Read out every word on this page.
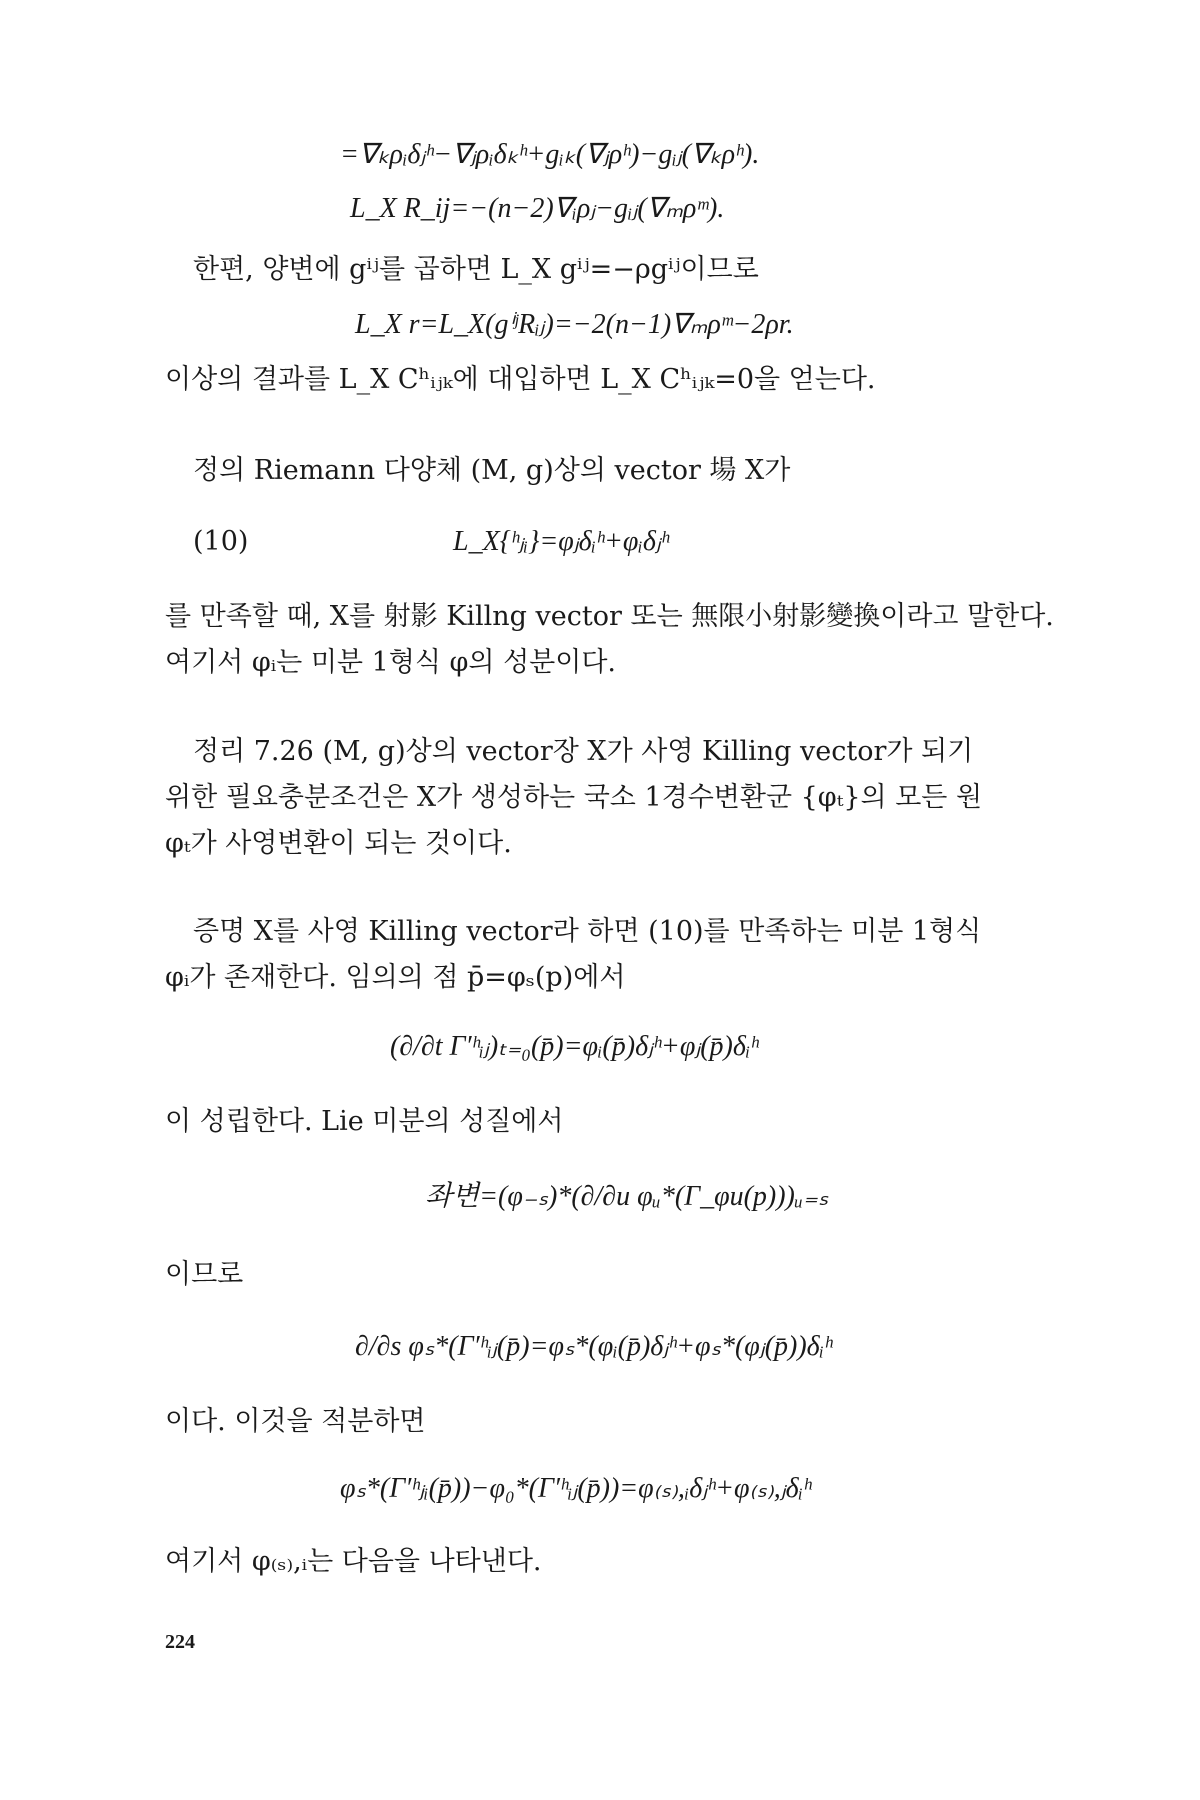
=∇ₖρᵢδⱼʰ−∇ⱼρᵢδₖʰ+gᵢₖ(∇ⱼρʰ)−gᵢⱼ(∇ₖρʰ).
L_X R_ij=−(n−2)∇ᵢρⱼ−gᵢⱼ(∇ₘρᵐ).
한편, 양변에 gⁱʲ를 곱하면 L_X gⁱʲ=−ρgⁱʲ이므로
L_X r=L_X(gⁱʲRᵢⱼ)=−2(n−1)∇ₘρᵐ−2ρr.
이상의 결과를 L_X Cʰᵢⱼₖ에 대입하면 L_X Cʰᵢⱼₖ=0을 얻는다.
정의 Riemann 다양체 (M, g)상의 vector 場 X가
(10)	L_X{ʰⱼᵢ}=φⱼδᵢʰ+φᵢδⱼʰ
를 만족할 때, X를 射影 Killng vector 또는 無限小射影變換이라고 말한다.
여기서 φᵢ는 미분 1형식 φ의 성분이다.
정리 7.26 (M, g)상의 vector장 X가 사영 Killing vector가 되기
위한 필요충분조건은 X가 생성하는 국소 1경수변환군 {φₜ}의 모든 원
φₜ가 사영변환이 되는 것이다.
증명 X를 사영 Killing vector라 하면 (10)를 만족하는 미분 1형식
φᵢ가 존재한다. 임의의 점 p̄=φₛ(p)에서
(∂/∂t Γ′ʰᵢⱼ)ₜ₌₀(p̄)=φᵢ(p̄)δⱼʰ+φⱼ(p̄)δᵢʰ
이 성립한다. Lie 미분의 성질에서
좌변=(φ₋ₛ)*(∂/∂u φᵤ*(Γ_φu(p)))ᵤ₌ₛ
이므로
∂/∂s φₛ*(Γ′ʰᵢⱼ(p̄)=φₛ*(φᵢ(p̄)δⱼʰ+φₛ*(φⱼ(p̄))δᵢʰ
이다. 이것을 적분하면
φₛ*(Γ′ʰⱼᵢ(p̄))−φ₀*(Γ′ʰᵢⱼ(p̄))=φ₍ₛ₎,ᵢδⱼʰ+φ₍ₛ₎,ⱼδᵢʰ
여기서 φ₍ₛ₎,ᵢ는 다음을 나타낸다.
224
